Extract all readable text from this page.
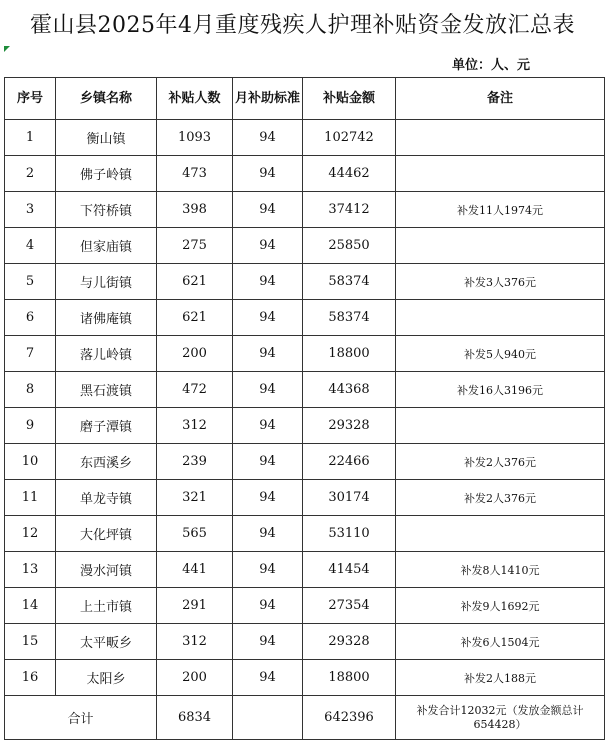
霍山县2025年4月重度残疾人护理补贴资金发放汇总表
单位：人、元
序号	乡镇名称	补贴人数	月补助标准	补贴金额	备注
1	衡山镇	1093	94	102742	
2	佛子岭镇	473	94	44462	
3	下符桥镇	398	94	37412	补发11人1974元
4	但家庙镇	275	94	25850	
5	与儿街镇	621	94	58374	补发3人376元
6	诸佛庵镇	621	94	58374	
7	落儿岭镇	200	94	18800	补发5人940元
8	黑石渡镇	472	94	44368	补发16人3196元
9	磨子潭镇	312	94	29328	
10	东西溪乡	239	94	22466	补发2人376元
11	单龙寺镇	321	94	30174	补发2人376元
12	大化坪镇	565	94	53110	
13	漫水河镇	441	94	41454	补发8人1410元
14	上土市镇	291	94	27354	补发9人1692元
15	太平畈乡	312	94	29328	补发6人1504元
16	太阳乡	200	94	18800	补发2人188元
合计		6834		642396	补发合计12032元（发放金额总计654428）
